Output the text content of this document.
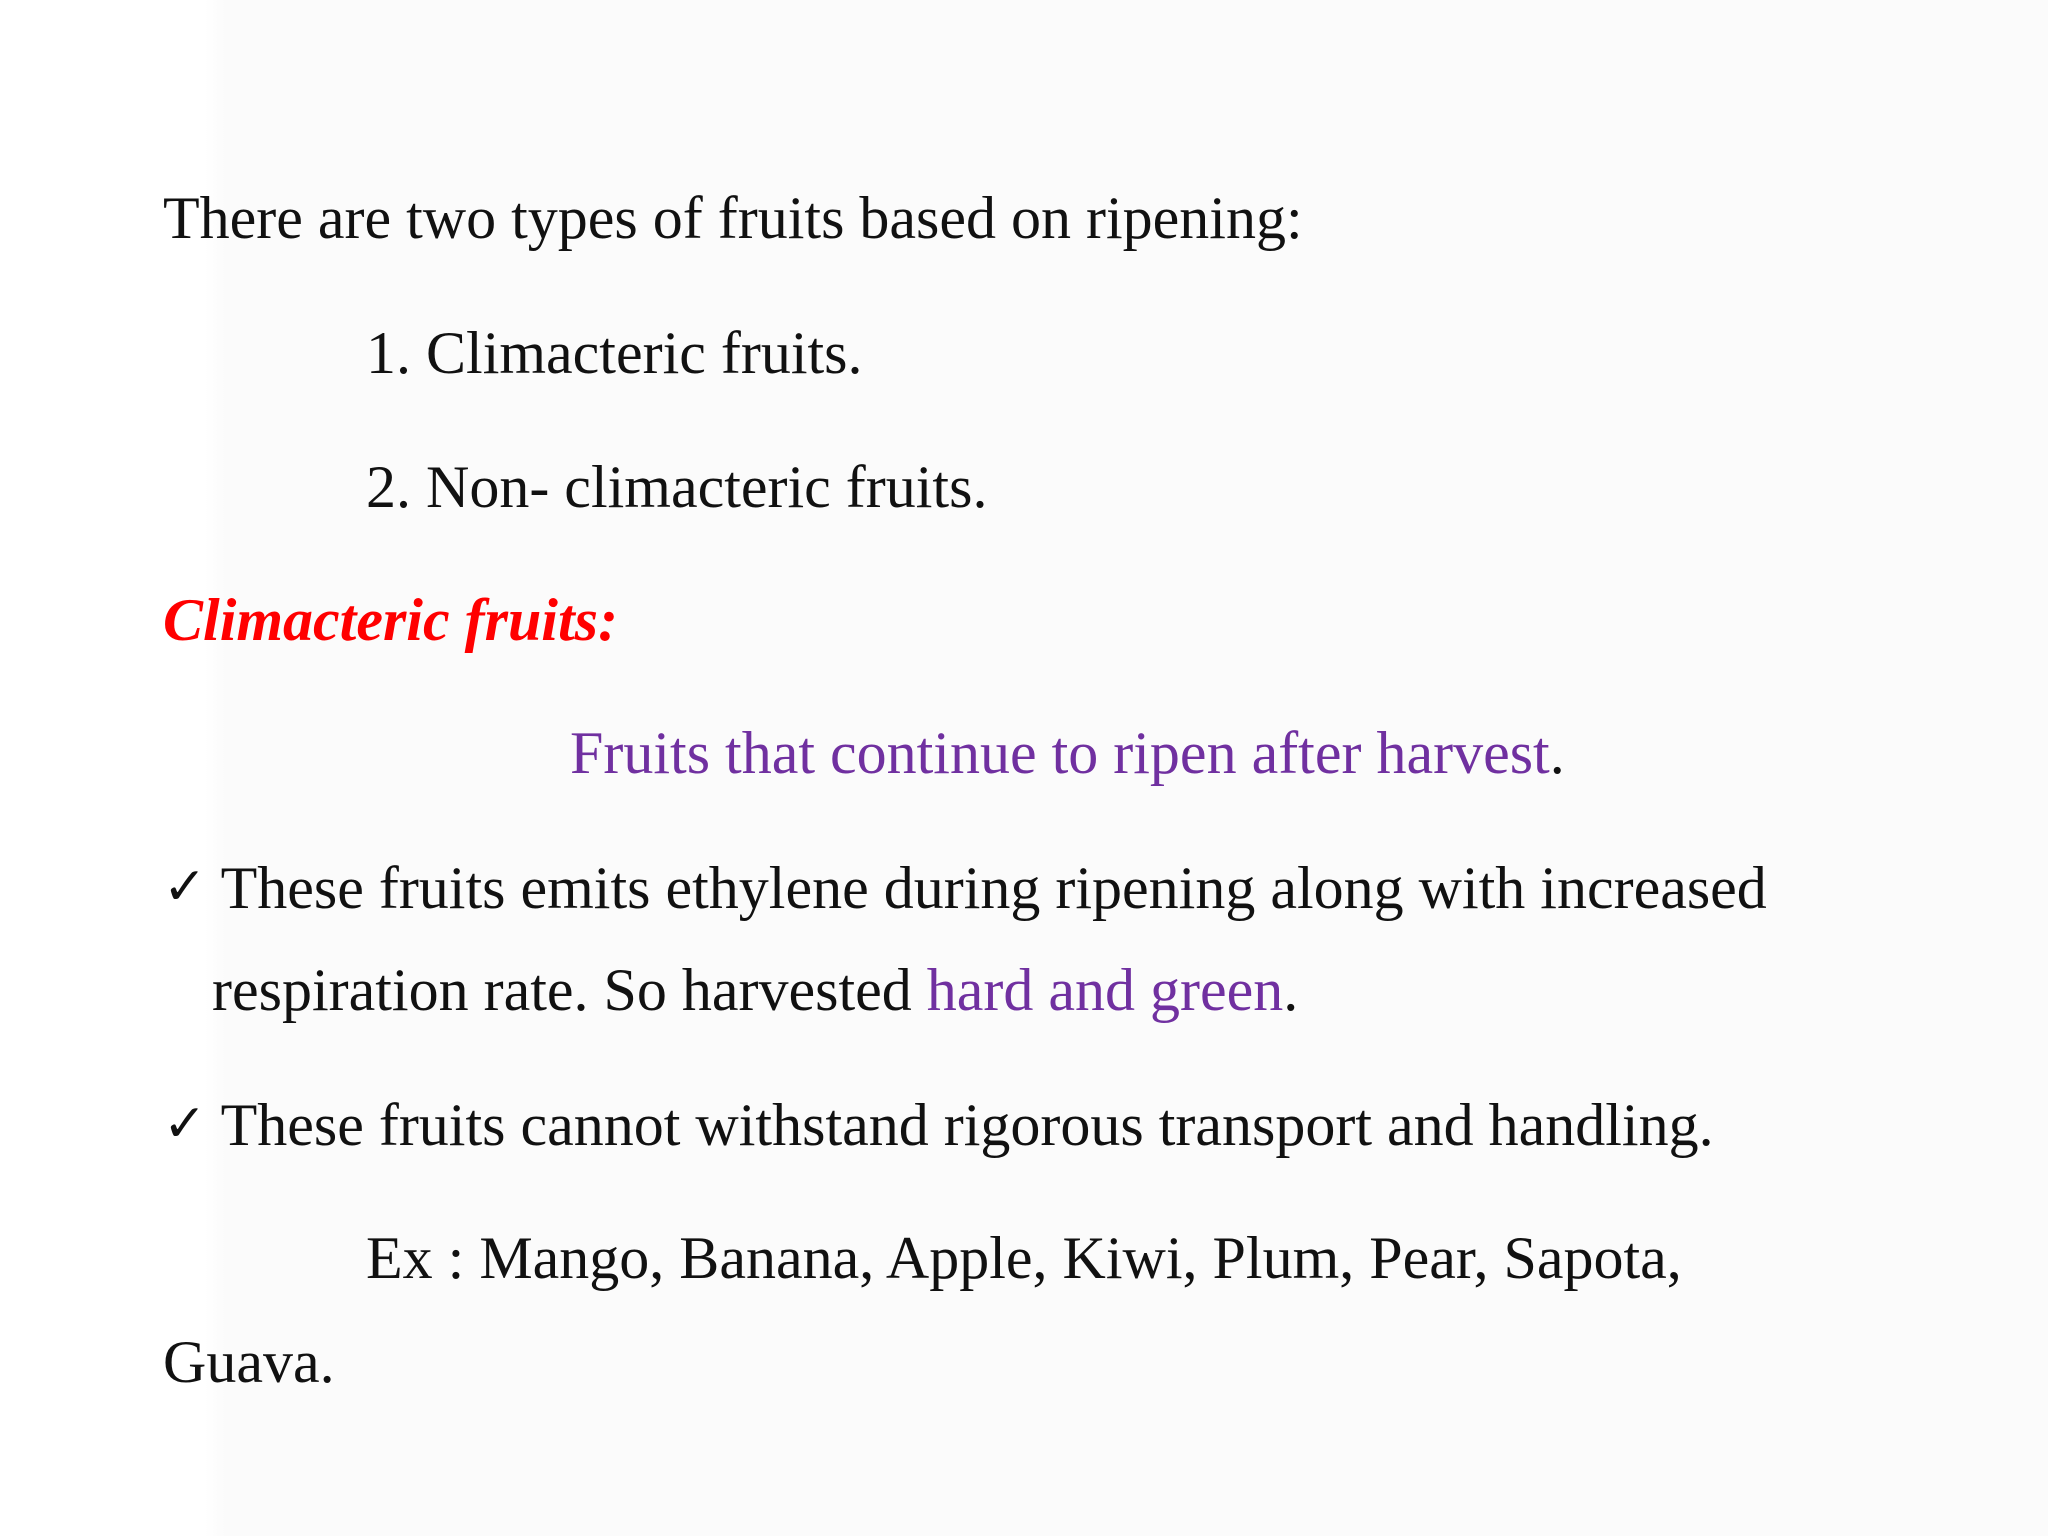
There are two types of fruits based on ripening:
1. Climacteric fruits.
2. Non- climacteric fruits.
Climacteric fruits:
Fruits that continue to ripen after harvest.
✓ These fruits emits ethylene during ripening along with increased
respiration rate. So harvested hard and green.
✓ These fruits cannot withstand rigorous transport and handling.
Ex : Mango, Banana, Apple, Kiwi, Plum, Pear, Sapota,
Guava.
